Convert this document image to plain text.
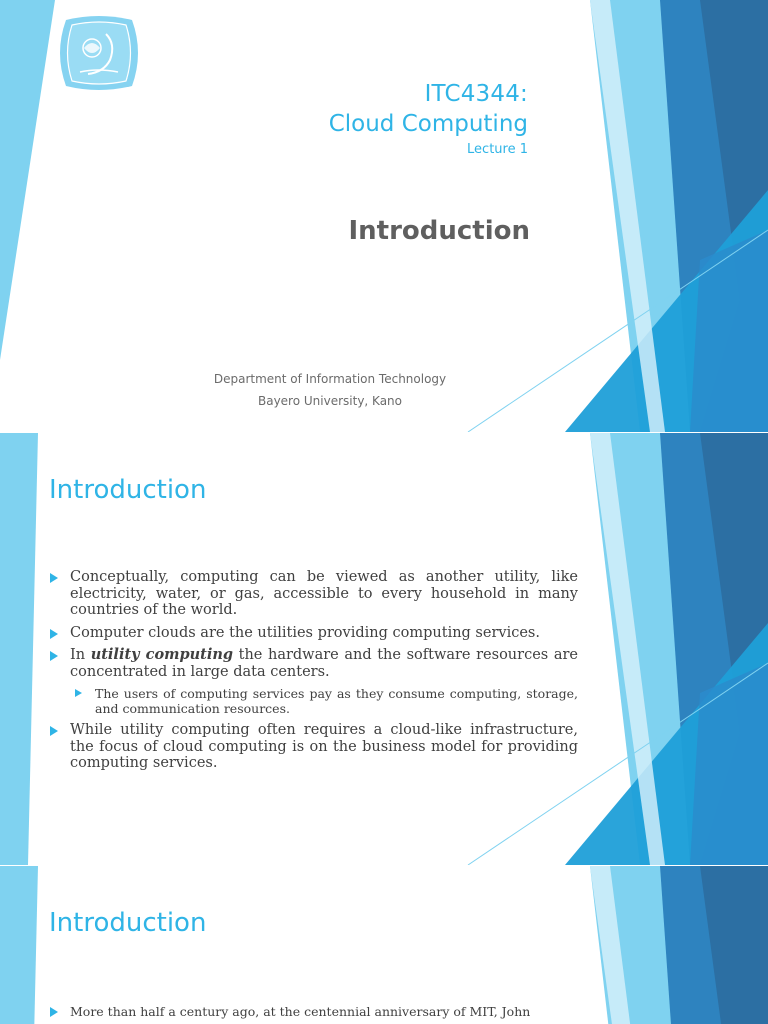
ITC4344:
Cloud Computing
Lecture 1
Introduction
Department of Information Technology
Bayero University, Kano
Introduction
Conceptually, computing can be viewed as another utility, like electricity, water, or gas, accessible to every household in many countries of the world.
Computer clouds are the utilities providing computing services.
In utility computing the hardware and the software resources are concentrated in large data centers.
The users of computing services pay as they consume computing, storage, and communication resources.
While utility computing often requires a cloud-like infrastructure, the focus of cloud computing is on the business model for providing computing services.
Introduction
More than half a century ago, at the centennial anniversary of MIT, John
